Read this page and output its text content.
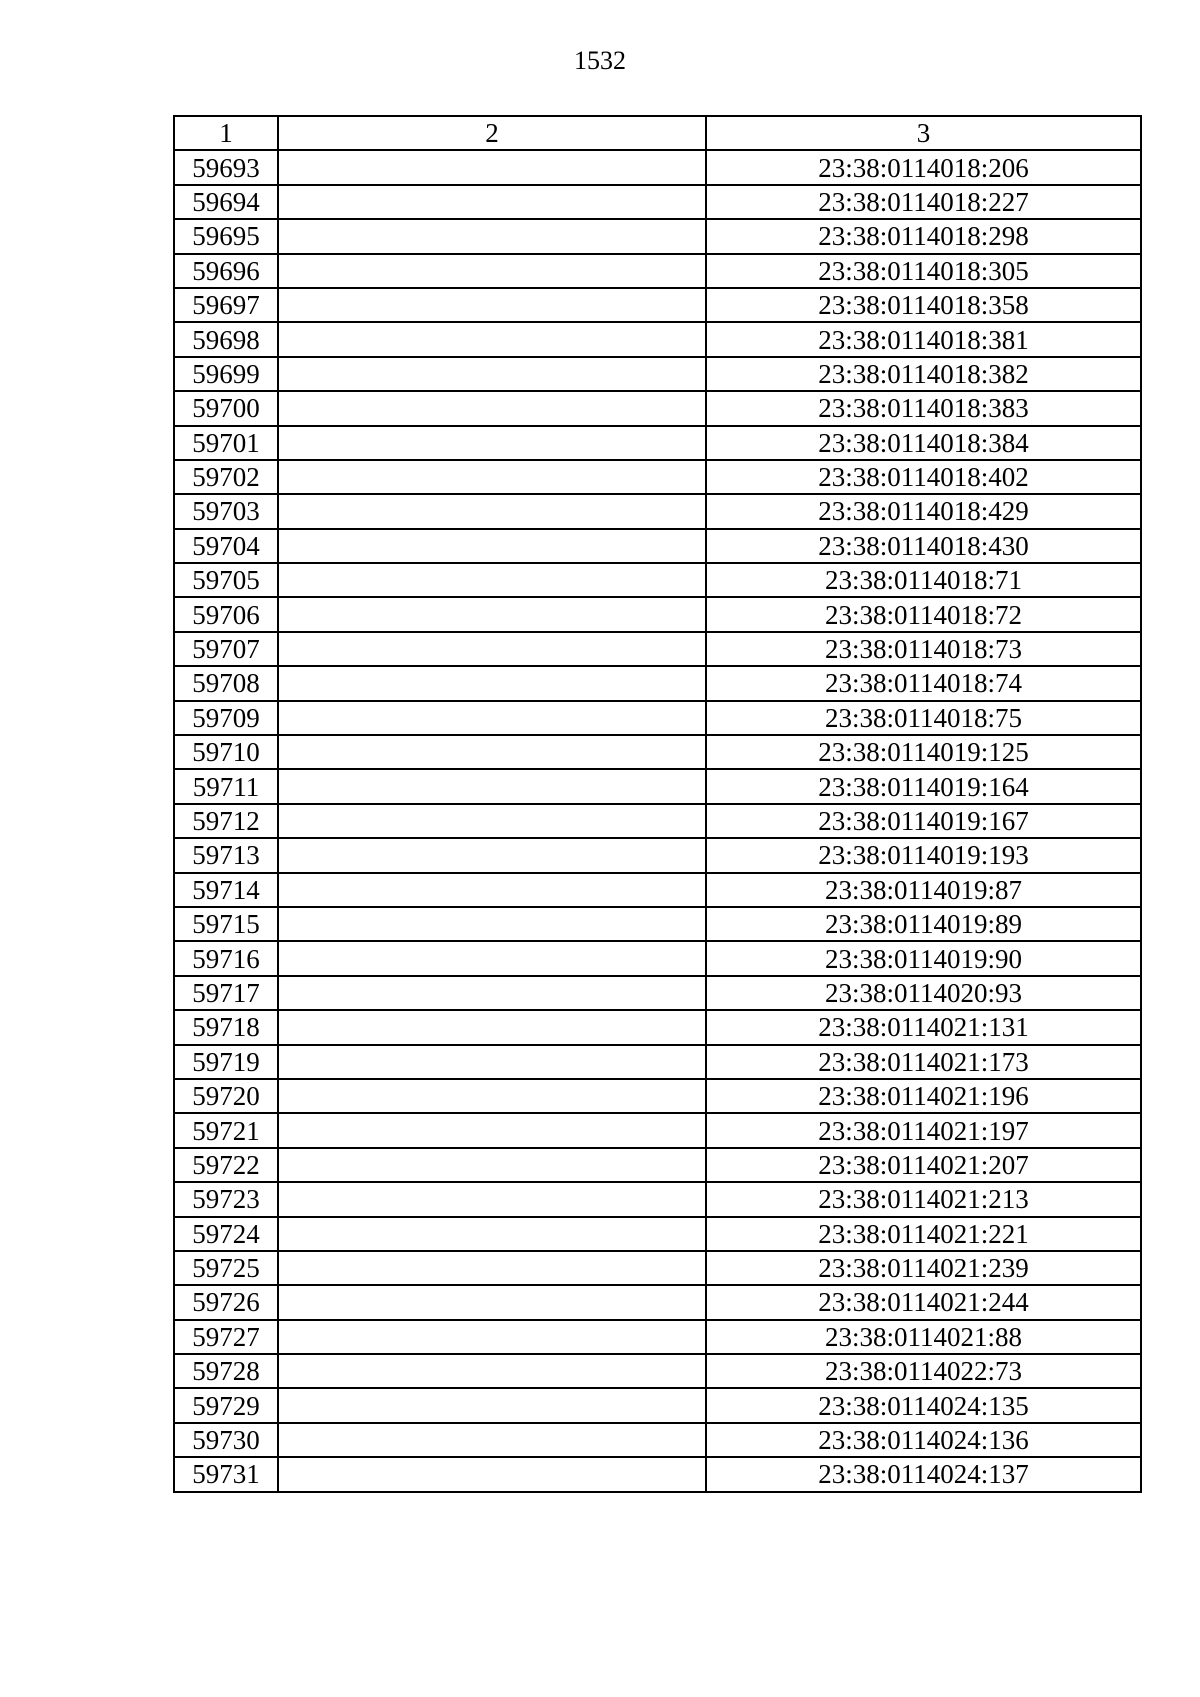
1532
1	2	3
59693		23:38:0114018:206
59694		23:38:0114018:227
59695		23:38:0114018:298
59696		23:38:0114018:305
59697		23:38:0114018:358
59698		23:38:0114018:381
59699		23:38:0114018:382
59700		23:38:0114018:383
59701		23:38:0114018:384
59702		23:38:0114018:402
59703		23:38:0114018:429
59704		23:38:0114018:430
59705		23:38:0114018:71
59706		23:38:0114018:72
59707		23:38:0114018:73
59708		23:38:0114018:74
59709		23:38:0114018:75
59710		23:38:0114019:125
59711		23:38:0114019:164
59712		23:38:0114019:167
59713		23:38:0114019:193
59714		23:38:0114019:87
59715		23:38:0114019:89
59716		23:38:0114019:90
59717		23:38:0114020:93
59718		23:38:0114021:131
59719		23:38:0114021:173
59720		23:38:0114021:196
59721		23:38:0114021:197
59722		23:38:0114021:207
59723		23:38:0114021:213
59724		23:38:0114021:221
59725		23:38:0114021:239
59726		23:38:0114021:244
59727		23:38:0114021:88
59728		23:38:0114022:73
59729		23:38:0114024:135
59730		23:38:0114024:136
59731		23:38:0114024:137
